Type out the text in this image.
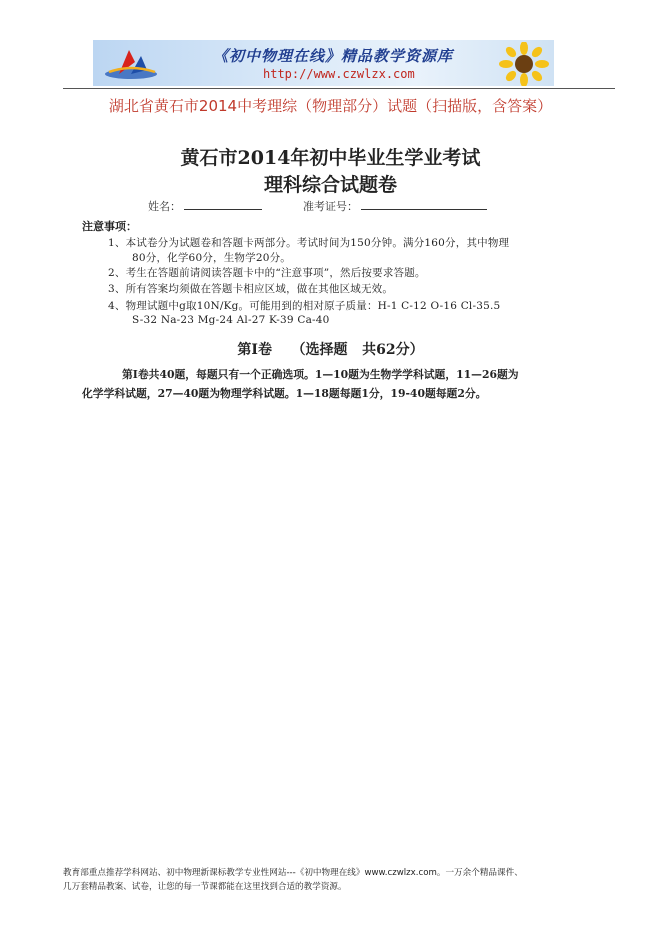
《初中物理在线》精品教学资源库
http://www.czwlzx.com
湖北省黄石市2014中考理综（物理部分）试题（扫描版，含答案）
黄石市2014年初中毕业生学业考试
理科综合试题卷
姓名：	准考证号：
注意事项：
1、本试卷分为试题卷和答题卡两部分。考试时间为150分钟。满分160分，其中物理
80分，化学60分，生物学20分。
2、考生在答题前请阅读答题卡中的“注意事项”，然后按要求答题。
3、所有答案均须做在答题卡相应区域，做在其他区域无效。
4、物理试题中g取10N/Kg。可能用到的相对原子质量：H-1 C-12 O-16 Cl-35.5
S-32 Na-23 Mg-24 Al-27 K-39 Ca-40
第Ⅰ卷    （选择题   共62分）
第Ⅰ卷共40题，每题只有一个正确选项。1—10题为生物学学科试题，11—26题为
化学学科试题，27—40题为物理学科试题。1—18题每题1分，19-40题每题2分。
教育部重点推荐学科网站、初中物理新课标教学专业性网站---《初中物理在线》www.czwlzx.com。一万余个精品课件、
几万套精品教案、试卷，让您的每一节课都能在这里找到合适的教学资源。
